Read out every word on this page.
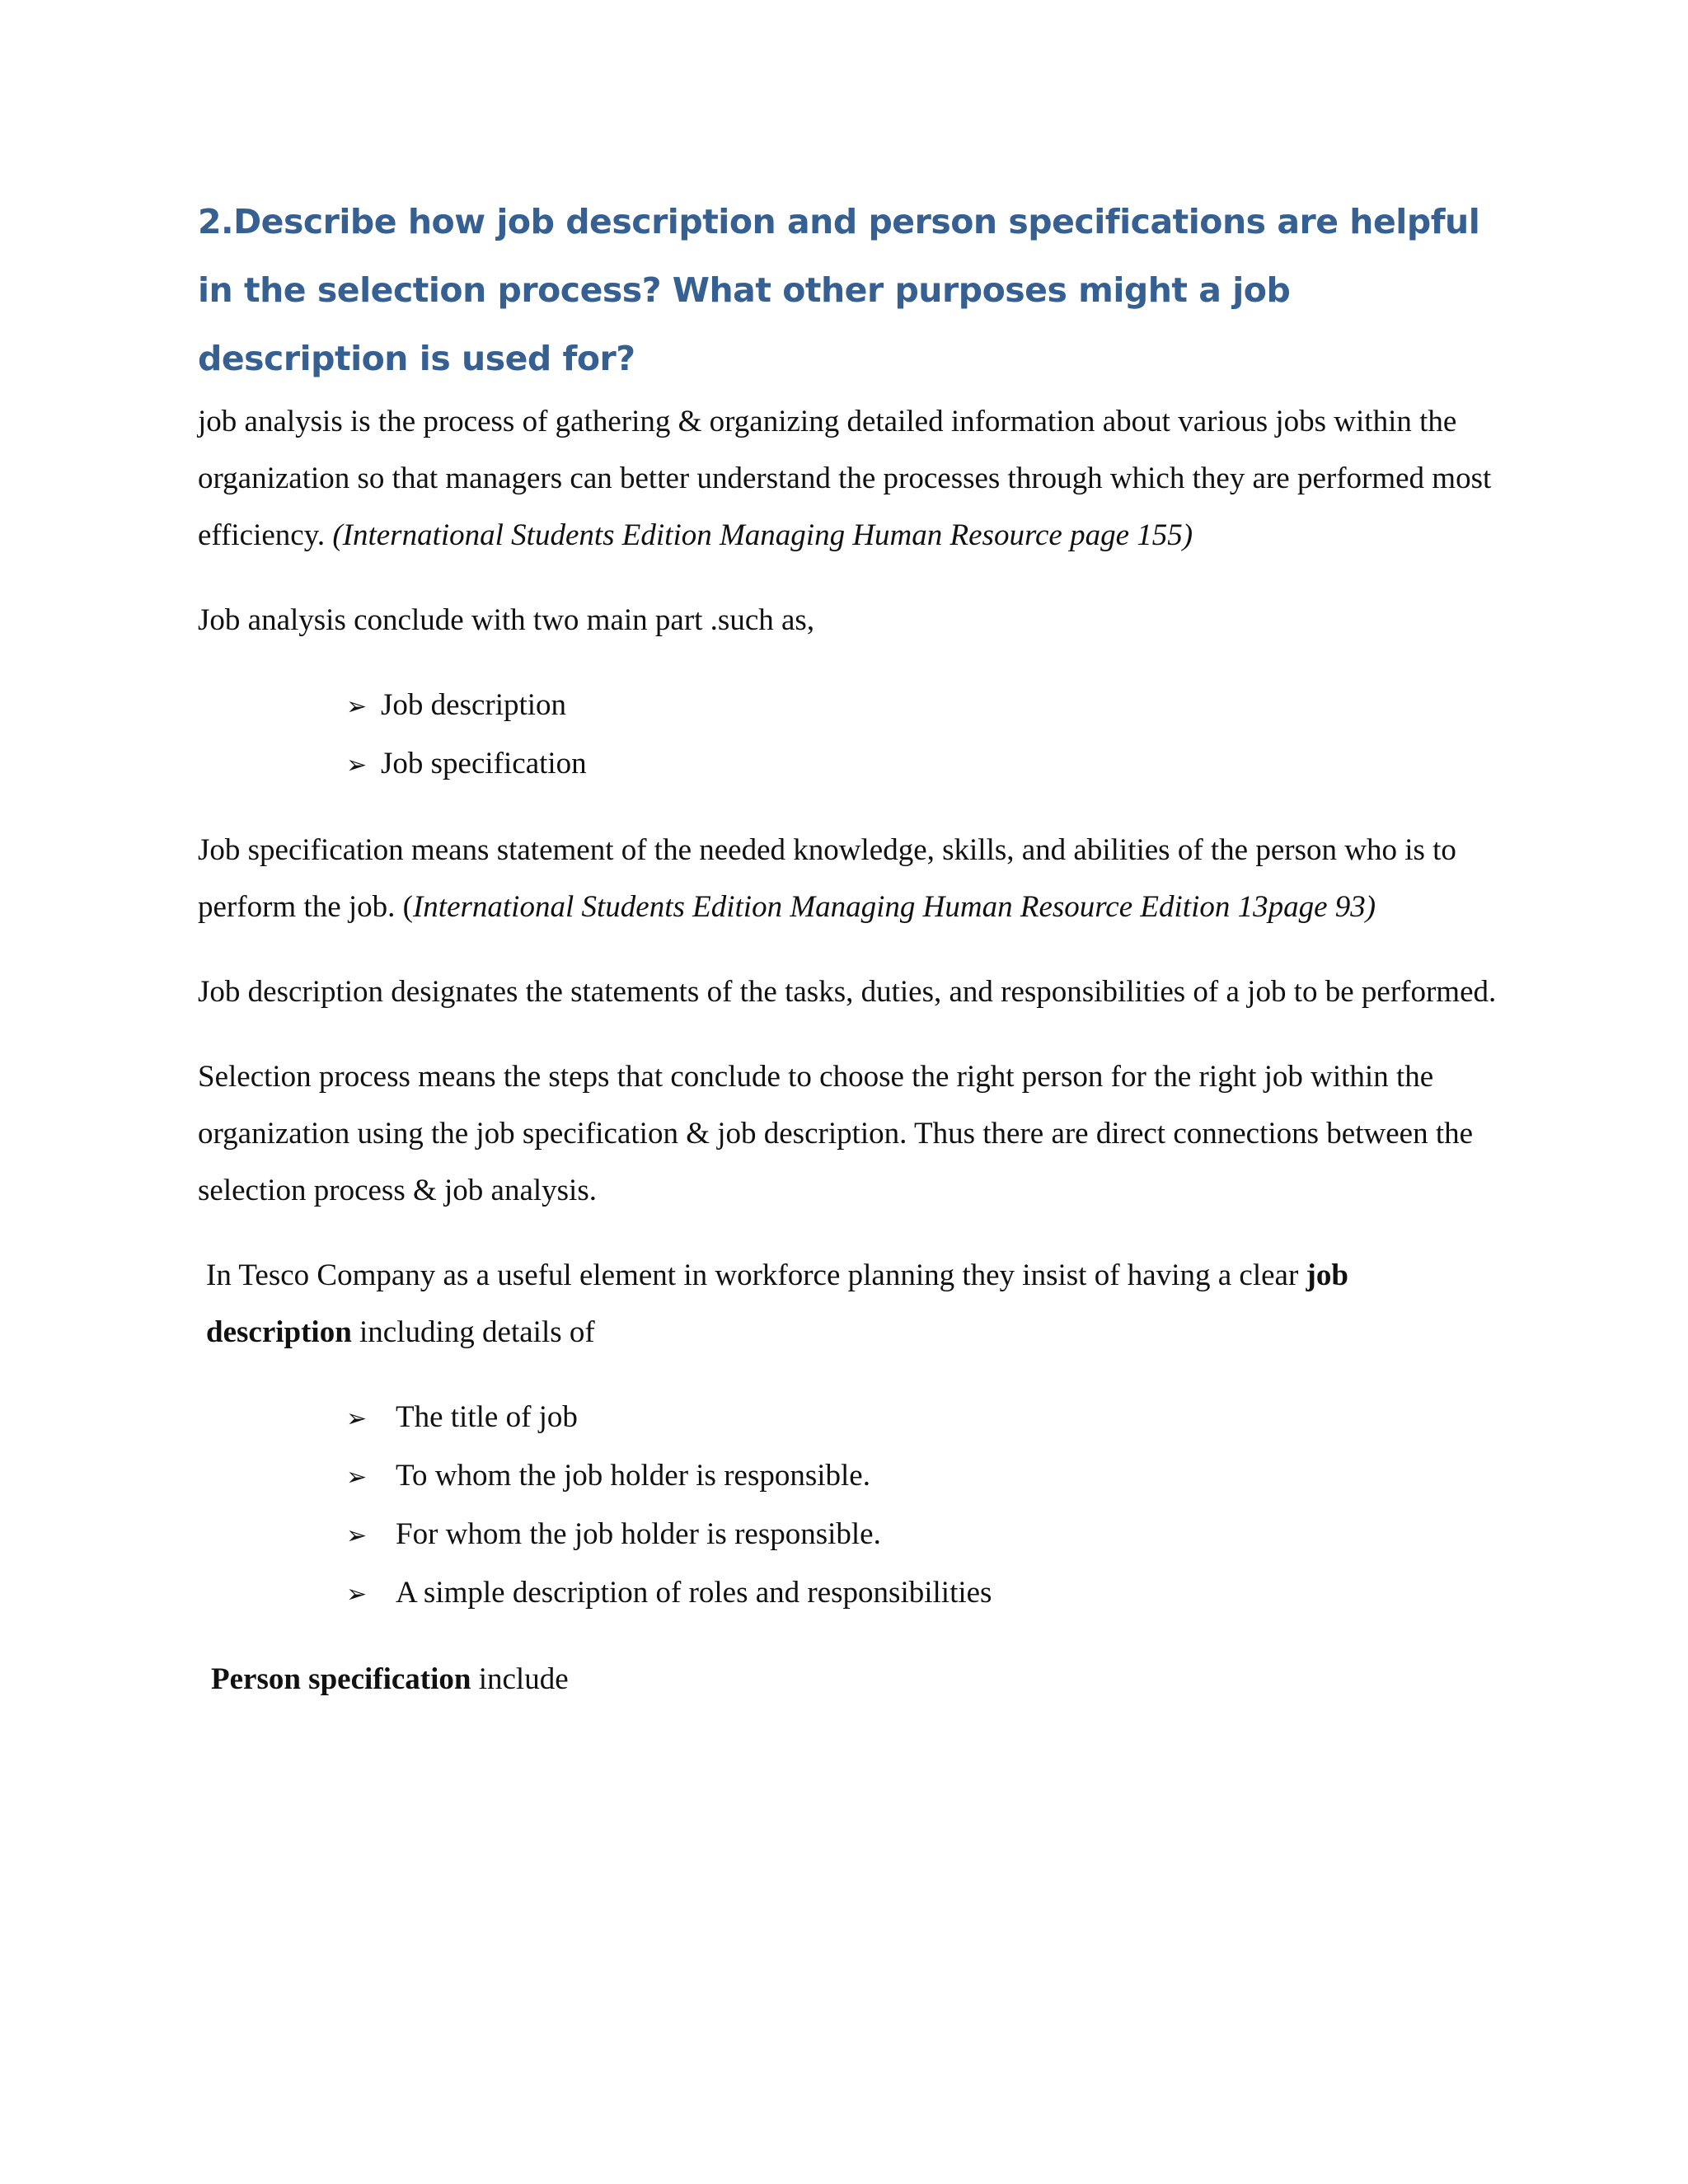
2.Describe how job description and person specifications are helpful in the selection process? What other purposes might a job description is used for?

job analysis is the process of gathering & organizing detailed information about various jobs within the organization so that managers can better understand the processes through which they are performed most efficiency. (International Students Edition Managing Human Resource page 155)

Job analysis conclude with two main part .such as,

➢ Job description
➢ Job specification

Job specification means statement of the needed knowledge, skills, and abilities of the person who is to perform the job. (International Students Edition Managing Human Resource Edition 13page 93)

Job description designates the statements of the tasks, duties, and responsibilities of a job to be performed.

Selection process means the steps that conclude to choose the right person for the right job within the organization using the job specification & job description. Thus there are direct connections between the selection process & job analysis.

In Tesco Company as a useful element in workforce planning they insist of having a clear job description including details of

➢ The title of job
➢ To whom the job holder is responsible.
➢ For whom the job holder is responsible.
➢ A simple description of roles and responsibilities

Person specification include
